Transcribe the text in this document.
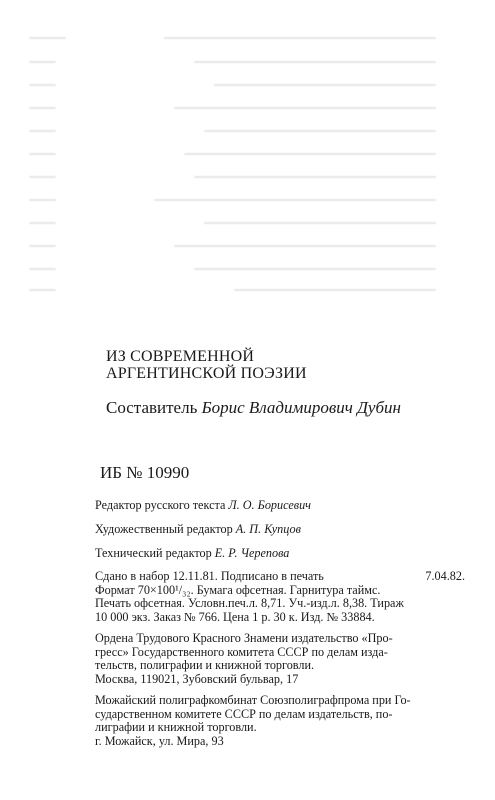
ИЗ СОВРЕМЕННОЙ
АРГЕНТИНСКОЙ ПОЭЗИИ
Составитель Борис Владимирович Дубин
ИБ № 10990
Редактор русского текста Л. О. Борисевич
Художественный редактор А. П. Купцов
Технический редактор Е. Р. Черепова
Сдано в набор 12.11.81. Подписано в печать	7.04.82.
Формат 70×100¹/₃₂. Бумага офсетная. Гарнитура таймс.
Печать офсетная. Условн.печ.л. 8,71. Уч.-изд.л. 8,38. Тираж
10 000 экз. Заказ № 766. Цена 1 р. 30 к. Изд. № 33884.
Ордена Трудового Красного Знамени издательство «Про-
гресс» Государственного комитета СССР по делам изда-
тельств, полиграфии и книжной торговли.
Москва, 119021, Зубовский бульвар, 17
Можайский полиграфкомбинат Союзполиграфпрома при Го-
сударственном комитете СССР по делам издательств, по-
лиграфии и книжной торговли.
г. Можайск, ул. Мира, 93
